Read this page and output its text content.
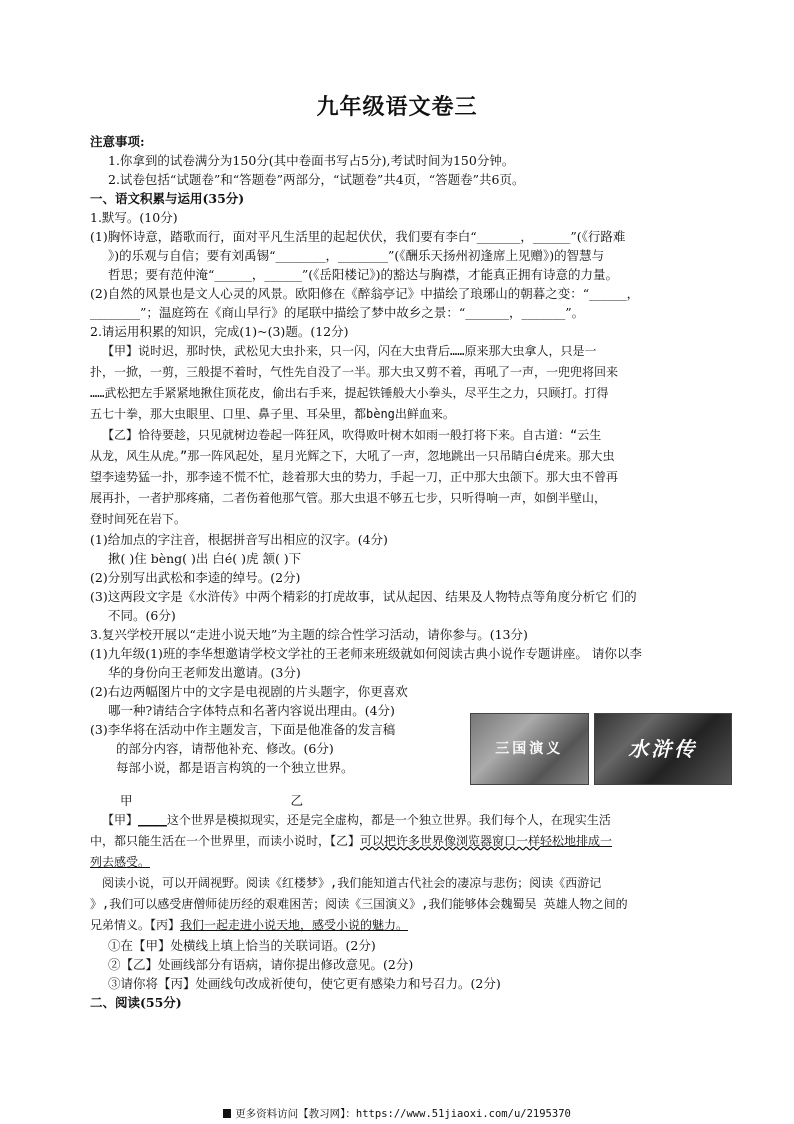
九年级语文卷三
注意事项:
1.你拿到的试卷满分为150分(其中卷面书写占5分),考试时间为150分钟。
2.试卷包括“试题卷”和“答题卷”两部分，“试题卷”共4页，“答题卷”共6页。
一、语文积累与运用(35分)
1.默写。(10分)
(1)胸怀诗意，踏歌而行，面对平凡生活里的起起伏伏，我们要有李白“_______，______”(《行路难
》)的乐观与自信；要有刘禹锡“________，________”(《酬乐天扬州初逢席上见赠》)的智慧与
哲思；要有范仲淹“______，______”(《岳阳楼记》)的豁达与胸襟，才能真正拥有诗意的力量。
(2)自然的风景也是文人心灵的风景。欧阳修在《醉翁亭记》中描绘了琅琊山的朝暮之变：“______，
________”；温庭筠在《商山早行》的尾联中描绘了梦中故乡之景：“_______，_______”。
2.请运用积累的知识，完成(1)~(3)题。(12分)
【甲】说时迟，那时快，武松见大虫扑来，只一闪，闪在大虫背后……原来那大虫拿人，只是一
扑，一掀，一剪，三般提不着时，气性先自没了一半。那大虫又剪不着，再吼了一声，一兜兜将回来
……武松把左手紧紧地揪住顶花皮，偷出右手来，提起铁锤般大小拳头，尽平生之力，只顾打。打得
五七十拳，那大虫眼里、口里、鼻子里、耳朵里，都bèng出鲜血来。
【乙】恰待要趁，只见就树边卷起一阵狂风，吹得败叶树木如雨一般打将下来。自古道：“云生
从龙，风生从虎。”那一阵风起处，星月光辉之下，大吼了一声，忽地跳出一只吊睛白é虎来。那大虫
望李逵势猛一扑，那李逵不慌不忙，趁着那大虫的势力，手起一刀，正中那大虫颌下。那大虫不曾再
展再扑，一者护那疼痛，二者伤着他那气管。那大虫退不够五七步，只听得响一声，如倒半壁山，
登时间死在岩下。
(1)给加点的字注音，根据拼音写出相应的汉字。(4分)
揪( )住 bèng( )出 白é( )虎 颔( )下
(2)分别写出武松和李逵的绰号。(2分)
(3)这两段文字是《水浒传》中两个精彩的打虎故事，试从起因、结果及人物特点等角度分析它 们的
不同。(6分)
3.复兴学校开展以“走进小说天地”为主题的综合性学习活动，请你参与。(13分)
(1)九年级(1)班的李华想邀请学校文学社的王老师来班级就如何阅读古典小说作专题讲座。 请你以李
华的身份向王老师发出邀请。(3分)
(2)右边两幅图片中的文字是电视剧的片头题字，你更喜欢
哪一种?请结合字体特点和名著内容说出理由。(4分)
(3)李华将在活动中作主题发言，下面是他准备的发言稿
的部分内容，请帮他补充、修改。(6分)
每部小说，都是语言构筑的一个独立世界。
甲	乙
【甲】____这个世界是模拟现实，还是完全虚构，都是一个独立世界。我们每个人，在现实生活
中，都只能生活在一个世界里，而读小说时，【乙】可以把许多世界像浏览器窗口一样轻松地排成一
列去感受。
阅读小说，可以开阔视野。阅读《红楼梦》,我们能知道古代社会的凄凉与悲伤；阅读《西游记
》,我们可以感受唐僧师徒历经的艰难困苦；阅读《三国演义》,我们能够体会魏蜀吴 英雄人物之间的
兄弟情义。【丙】我们一起走进小说天地，感受小说的魅力。
①在【甲】处横线上填上恰当的关联词语。(2分)
②【乙】处画线部分有语病，请你提出修改意见。(2分)
③请你将【丙】处画线句改成祈使句，使它更有感染力和号召力。(2分)
二、阅读(55分)
三国演义	水浒传
更多资料访问【教习网】：https://www.51jiaoxi.com/u/2195370
